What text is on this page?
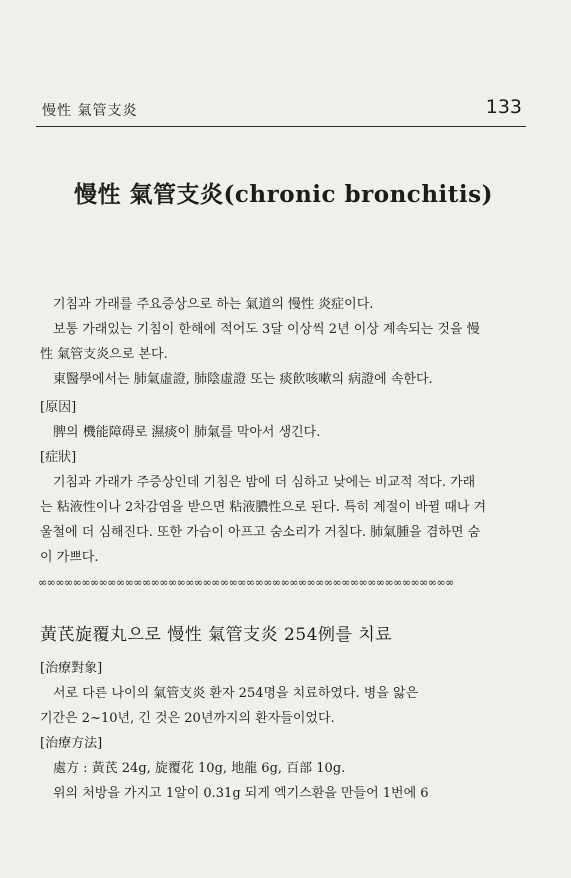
慢性 氣管支炎	133
慢性 氣管支炎(chronic bronchitis)

기침과 가래를 주요증상으로 하는 氣道의 慢性 炎症이다.

보통 가래있는 기침이 한해에 적어도 3달 이상씩 2년 이상 계속되는 것을 慢

性 氣管支炎으로 본다.

東醫學에서는 肺氣虛證, 肺陰虛證 또는 痰飮咳嗽의 病證에 속한다.

[原因]

脾의 機能障碍로 濕痰이 肺氣를 막아서 생긴다.

[症狀]

기침과 가래가 주증상인데 기침은 밤에 더 심하고 낮에는 비교적 적다. 가래

는 粘液性이나 2차감염을 받으면 粘液膿性으로 된다. 특히 계절이 바뀔 때나 겨

울철에 더 심해진다. 또한 가슴이 아프고 숨소리가 거칠다. 肺氣腫을 겸하면 숨

이 가쁘다.

∞∞∞∞∞∞∞∞∞∞∞∞∞∞∞∞∞∞∞∞∞∞∞∞∞∞∞∞∞∞∞∞∞∞∞∞∞∞∞∞∞∞∞∞∞∞∞∞
黃芪旋覆丸으로 慢性 氣管支炎 254例를 치료

[治療對象]

서로 다른 나이의 氣管支炎 환자 254명을 치료하였다. 병을 앓은

기간은 2~10년, 긴 것은 20년까지의 환자들이었다.

[治療方法]

處方 : 黃芪 24g, 旋覆花 10g, 地龍 6g, 百部 10g.

위의 처방을 가지고 1알이 0.31g 되게 엑기스환을 만들어 1번에 6
